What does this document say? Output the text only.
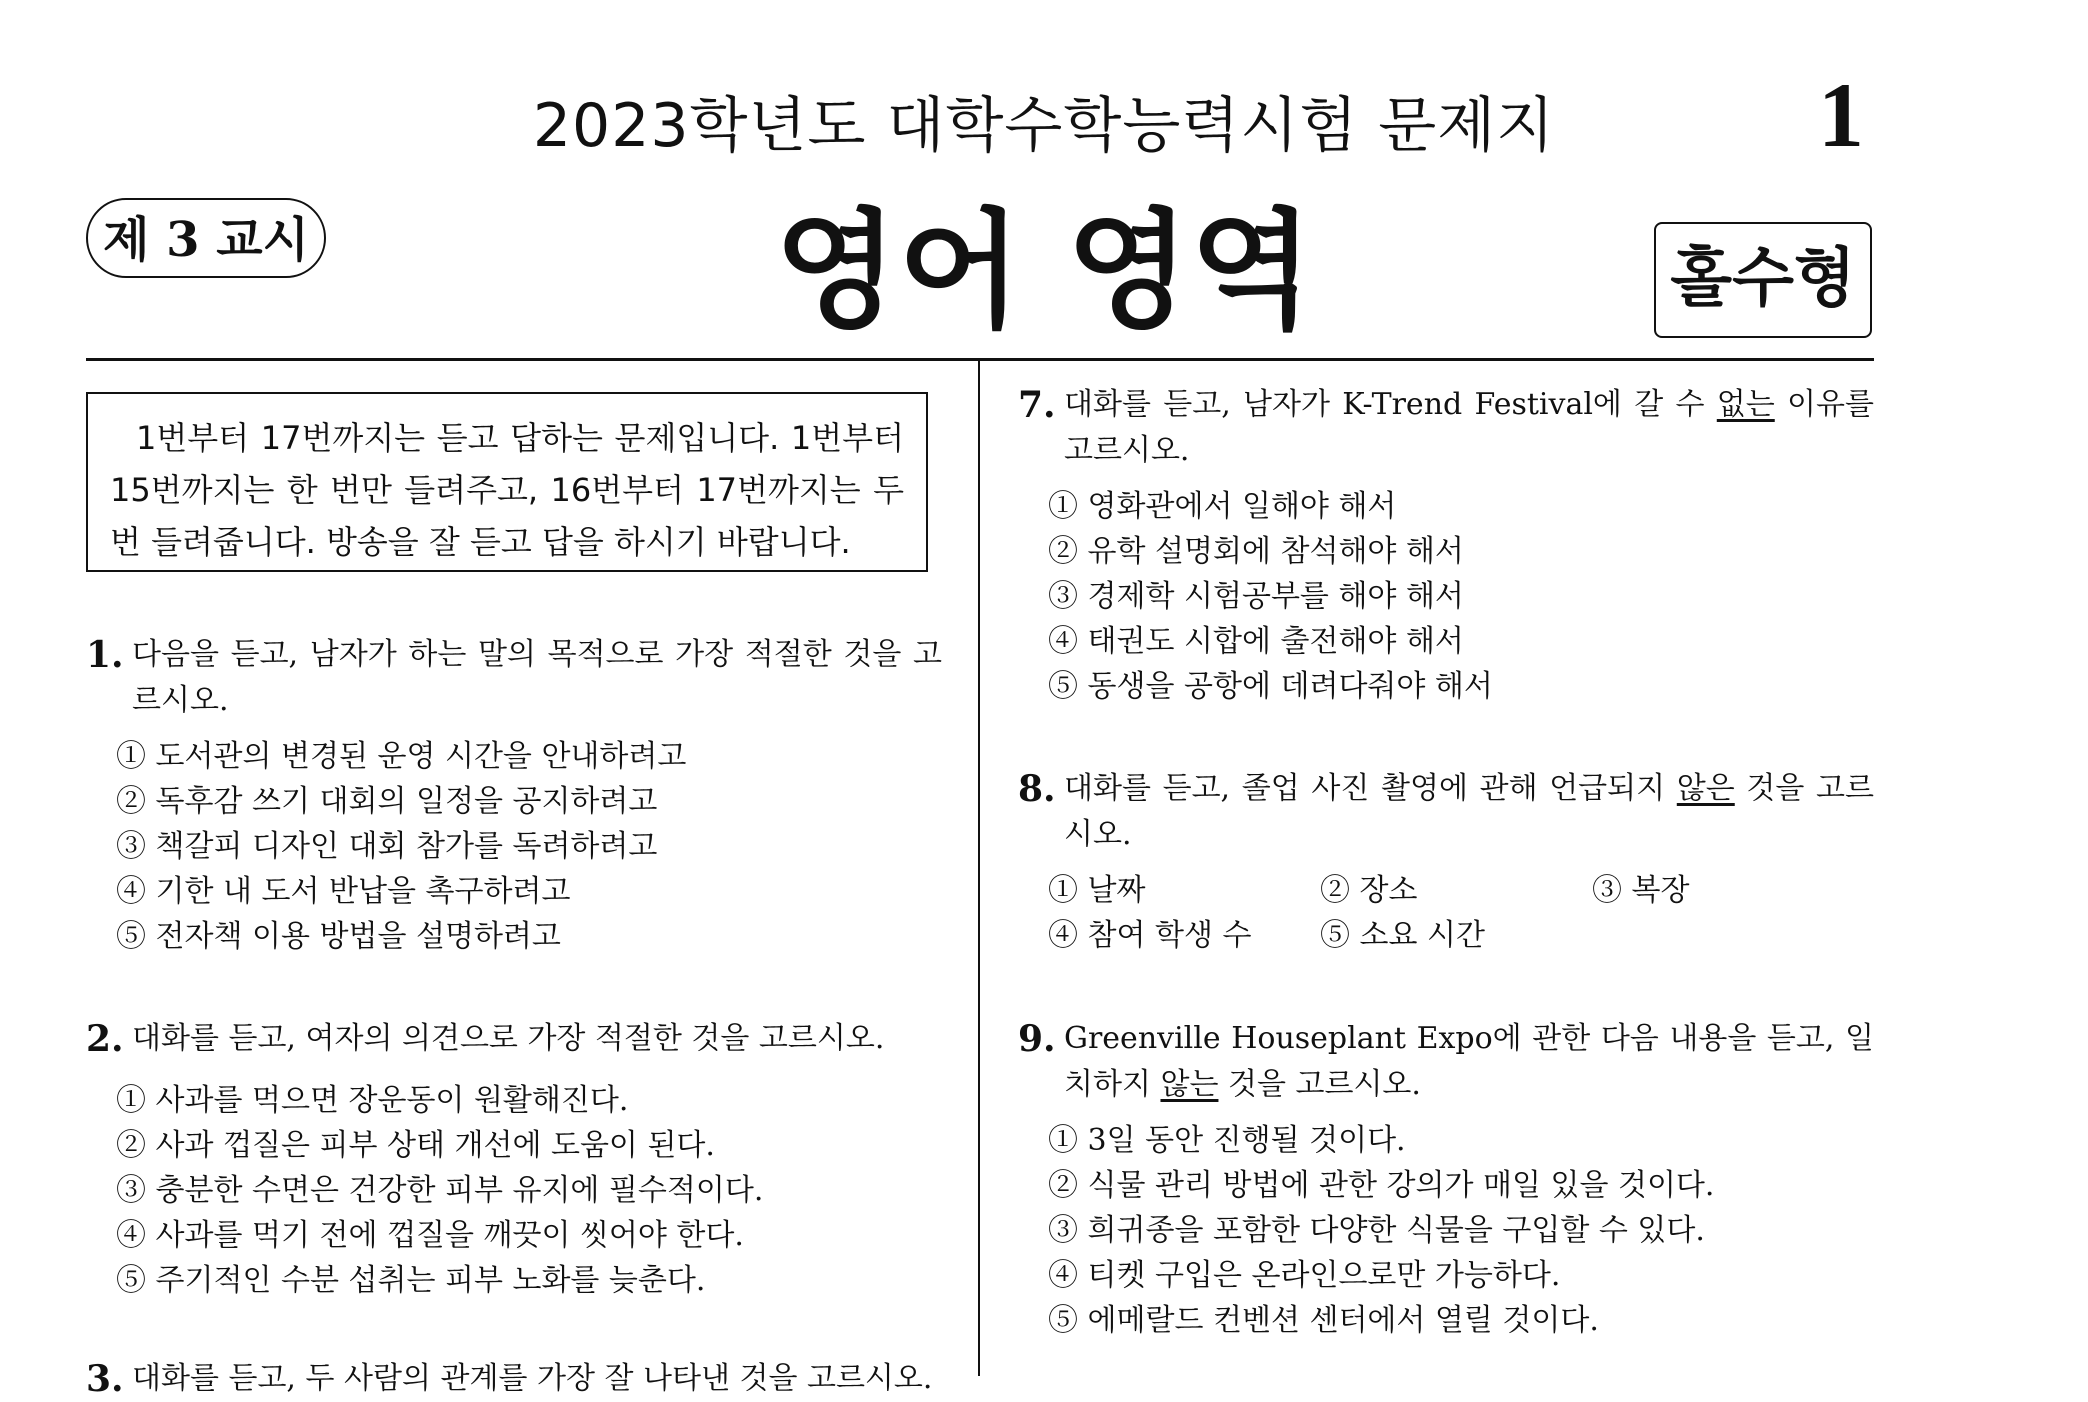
2023학년도 대학수학능력시험 문제지	1
제 3 교시	영어 영역	홀수형
1번부터 17번까지는 듣고 답하는 문제입니다. 1번부터 15번까지는 한 번만 들려주고, 16번부터 17번까지는 두 번 들려줍니다. 방송을 잘 듣고 답을 하시기 바랍니다.
1. 다음을 듣고, 남자가 하는 말의 목적으로 가장 적절한 것을 고르시오.
① 도서관의 변경된 운영 시간을 안내하려고
② 독후감 쓰기 대회의 일정을 공지하려고
③ 책갈피 디자인 대회 참가를 독려하려고
④ 기한 내 도서 반납을 촉구하려고
⑤ 전자책 이용 방법을 설명하려고
2. 대화를 듣고, 여자의 의견으로 가장 적절한 것을 고르시오.
① 사과를 먹으면 장운동이 원활해진다.
② 사과 껍질은 피부 상태 개선에 도움이 된다.
③ 충분한 수면은 건강한 피부 유지에 필수적이다.
④ 사과를 먹기 전에 껍질을 깨끗이 씻어야 한다.
⑤ 주기적인 수분 섭취는 피부 노화를 늦춘다.
3. 대화를 듣고, 두 사람의 관계를 가장 잘 나타낸 것을 고르시오.
7. 대화를 듣고, 남자가 K-Trend Festival에 갈 수 없는 이유를 고르시오.
① 영화관에서 일해야 해서
② 유학 설명회에 참석해야 해서
③ 경제학 시험공부를 해야 해서
④ 태권도 시합에 출전해야 해서
⑤ 동생을 공항에 데려다줘야 해서
8. 대화를 듣고, 졸업 사진 촬영에 관해 언급되지 않은 것을 고르시오.
① 날짜	② 장소	③ 복장
④ 참여 학생 수	⑤ 소요 시간
9. Greenville Houseplant Expo에 관한 다음 내용을 듣고, 일치하지 않는 것을 고르시오.
① 3일 동안 진행될 것이다.
② 식물 관리 방법에 관한 강의가 매일 있을 것이다.
③ 희귀종을 포함한 다양한 식물을 구입할 수 있다.
④ 티켓 구입은 온라인으로만 가능하다.
⑤ 에메랄드 컨벤션 센터에서 열릴 것이다.
